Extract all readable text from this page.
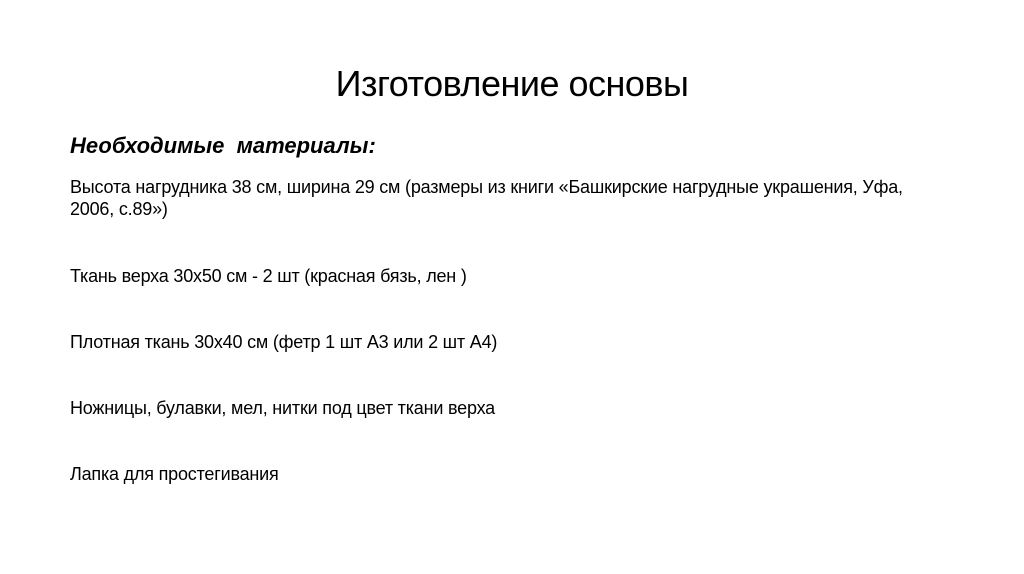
Изготовление основы
Необходимые  материалы:
Высота нагрудника 38 см, ширина 29 см (размеры из книги «Башкирские нагрудные украшения, Уфа, 2006, с.89»)
Ткань верха 30х50 см - 2 шт (красная бязь, лен )
Плотная ткань 30х40 см (фетр 1 шт А3 или 2 шт А4)
Ножницы, булавки, мел, нитки под цвет ткани верха
Лапка для простегивания
